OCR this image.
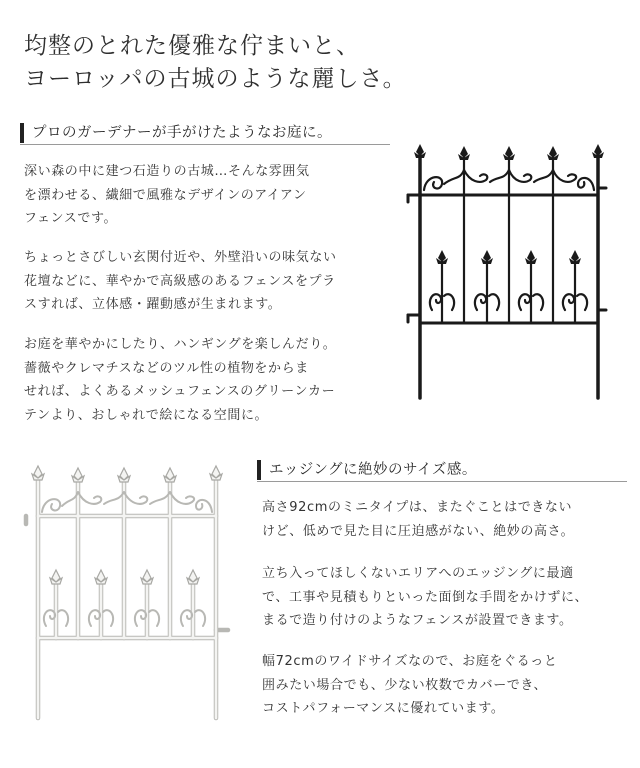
均整のとれた優雅な佇まいと、
ヨーロッパの古城のような麗しさ。
プロのガーデナーが手がけたようなお庭に。
深い森の中に建つ石造りの古城…そんな雰囲気
を漂わせる、繊細で風雅なデザインのアイアン
フェンスです。
ちょっとさびしい玄関付近や、外壁沿いの味気ない
花壇などに、華やかで高級感のあるフェンスをプラ
スすれば、立体感・躍動感が生まれます。
お庭を華やかにしたり、ハンギングを楽しんだり。
薔薇やクレマチスなどのツル性の植物をからま
せれば、よくあるメッシュフェンスのグリーンカー
テンより、おしゃれで絵になる空間に。
エッジングに絶妙のサイズ感。
高さ92cmのミニタイプは、またぐことはできない
けど、低めで見た目に圧迫感がない、絶妙の高さ。
立ち入ってほしくないエリアへのエッジングに最適
で、工事や見積もりといった面倒な手間をかけずに、
まるで造り付けのようなフェンスが設置できます。
幅72cmのワイドサイズなので、お庭をぐるっと
囲みたい場合でも、少ない枚数でカバーでき、
コストパフォーマンスに優れています。
